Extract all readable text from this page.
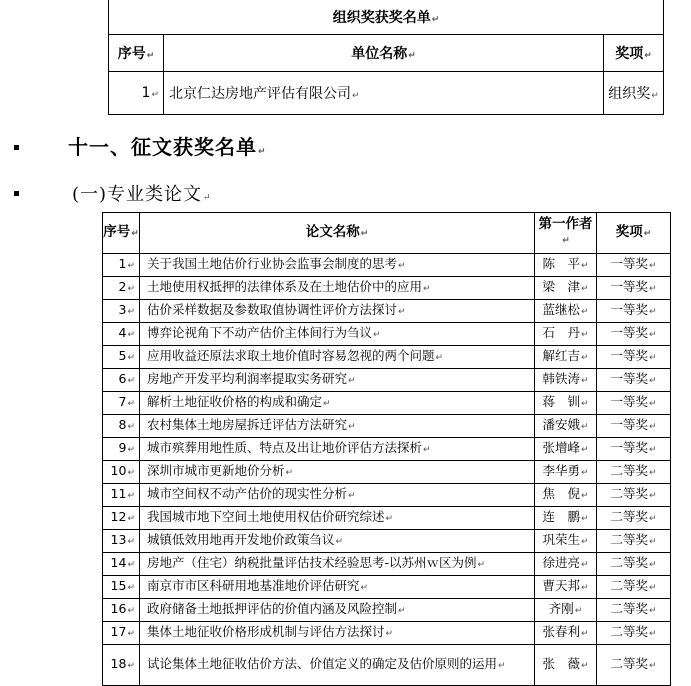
组织奖获奖名单 ↵
序号 ↵	单位名称 ↵	奖项 ↵
1 ↵	北京仁达房地产评估有限公司 ↵	组织奖 ↵
十一、征文获奖名单 ↵
(一)专业类论文 ↵
序号 ↵	论文名称 ↵	第一作者 ↵	奖项 ↵
1 ↵	关于我国土地估价行业协会监事会制度的思考 ↵	陈　平 ↵	一等奖 ↵
2 ↵	土地使用权抵押的法律体系及在土地估价中的应用 ↵	梁　津 ↵	一等奖 ↵
3 ↵	估价采样数据及参数取值协调性评价方法探讨 ↵	蓝继松 ↵	一等奖 ↵
4 ↵	博弈论视角下不动产估价主体间行为刍议 ↵	石　丹 ↵	一等奖 ↵
5 ↵	应用收益还原法求取土地价值时容易忽视的两个问题 ↵	解红吉 ↵	一等奖 ↵
6 ↵	房地产开发平均利润率提取实务研究 ↵	韩铁涛 ↵	一等奖 ↵
7 ↵	解析土地征收价格的构成和确定 ↵	蒋　钏 ↵	一等奖 ↵
8 ↵	农村集体土地房屋拆迁评估方法研究 ↵	潘安娥 ↵	一等奖 ↵
9 ↵	城市殡葬用地性质、特点及出让地价评估方法探析 ↵	张增峰 ↵	一等奖 ↵
10 ↵	深圳市城市更新地价分析 ↵	李华勇 ↵	二等奖 ↵
11 ↵	城市空间权不动产估价的现实性分析 ↵	焦　倪 ↵	二等奖 ↵
12 ↵	我国城市地下空间土地使用权估价研究综述 ↵	连　鹏 ↵	二等奖 ↵
13 ↵	城镇低效用地再开发地价政策刍议 ↵	巩荣生 ↵	二等奖 ↵
14 ↵	房地产（住宅）纳税批量评估技术经验思考-以苏州ｗ区为例 ↵	徐进亮 ↵	二等奖 ↵
15 ↵	南京市市区科研用地基准地价评估研究 ↵	曹天邦 ↵	二等奖 ↵
16 ↵	政府储备土地抵押评估的价值内涵及风险控制 ↵	齐刚 ↵	二等奖 ↵
17 ↵	集体土地征收价格形成机制与评估方法探讨 ↵	张春利 ↵	二等奖 ↵
18 ↵	试论集体土地征收估价方法、价值定义的确定及估价原则的运用 ↵	张　薇 ↵	二等奖 ↵
